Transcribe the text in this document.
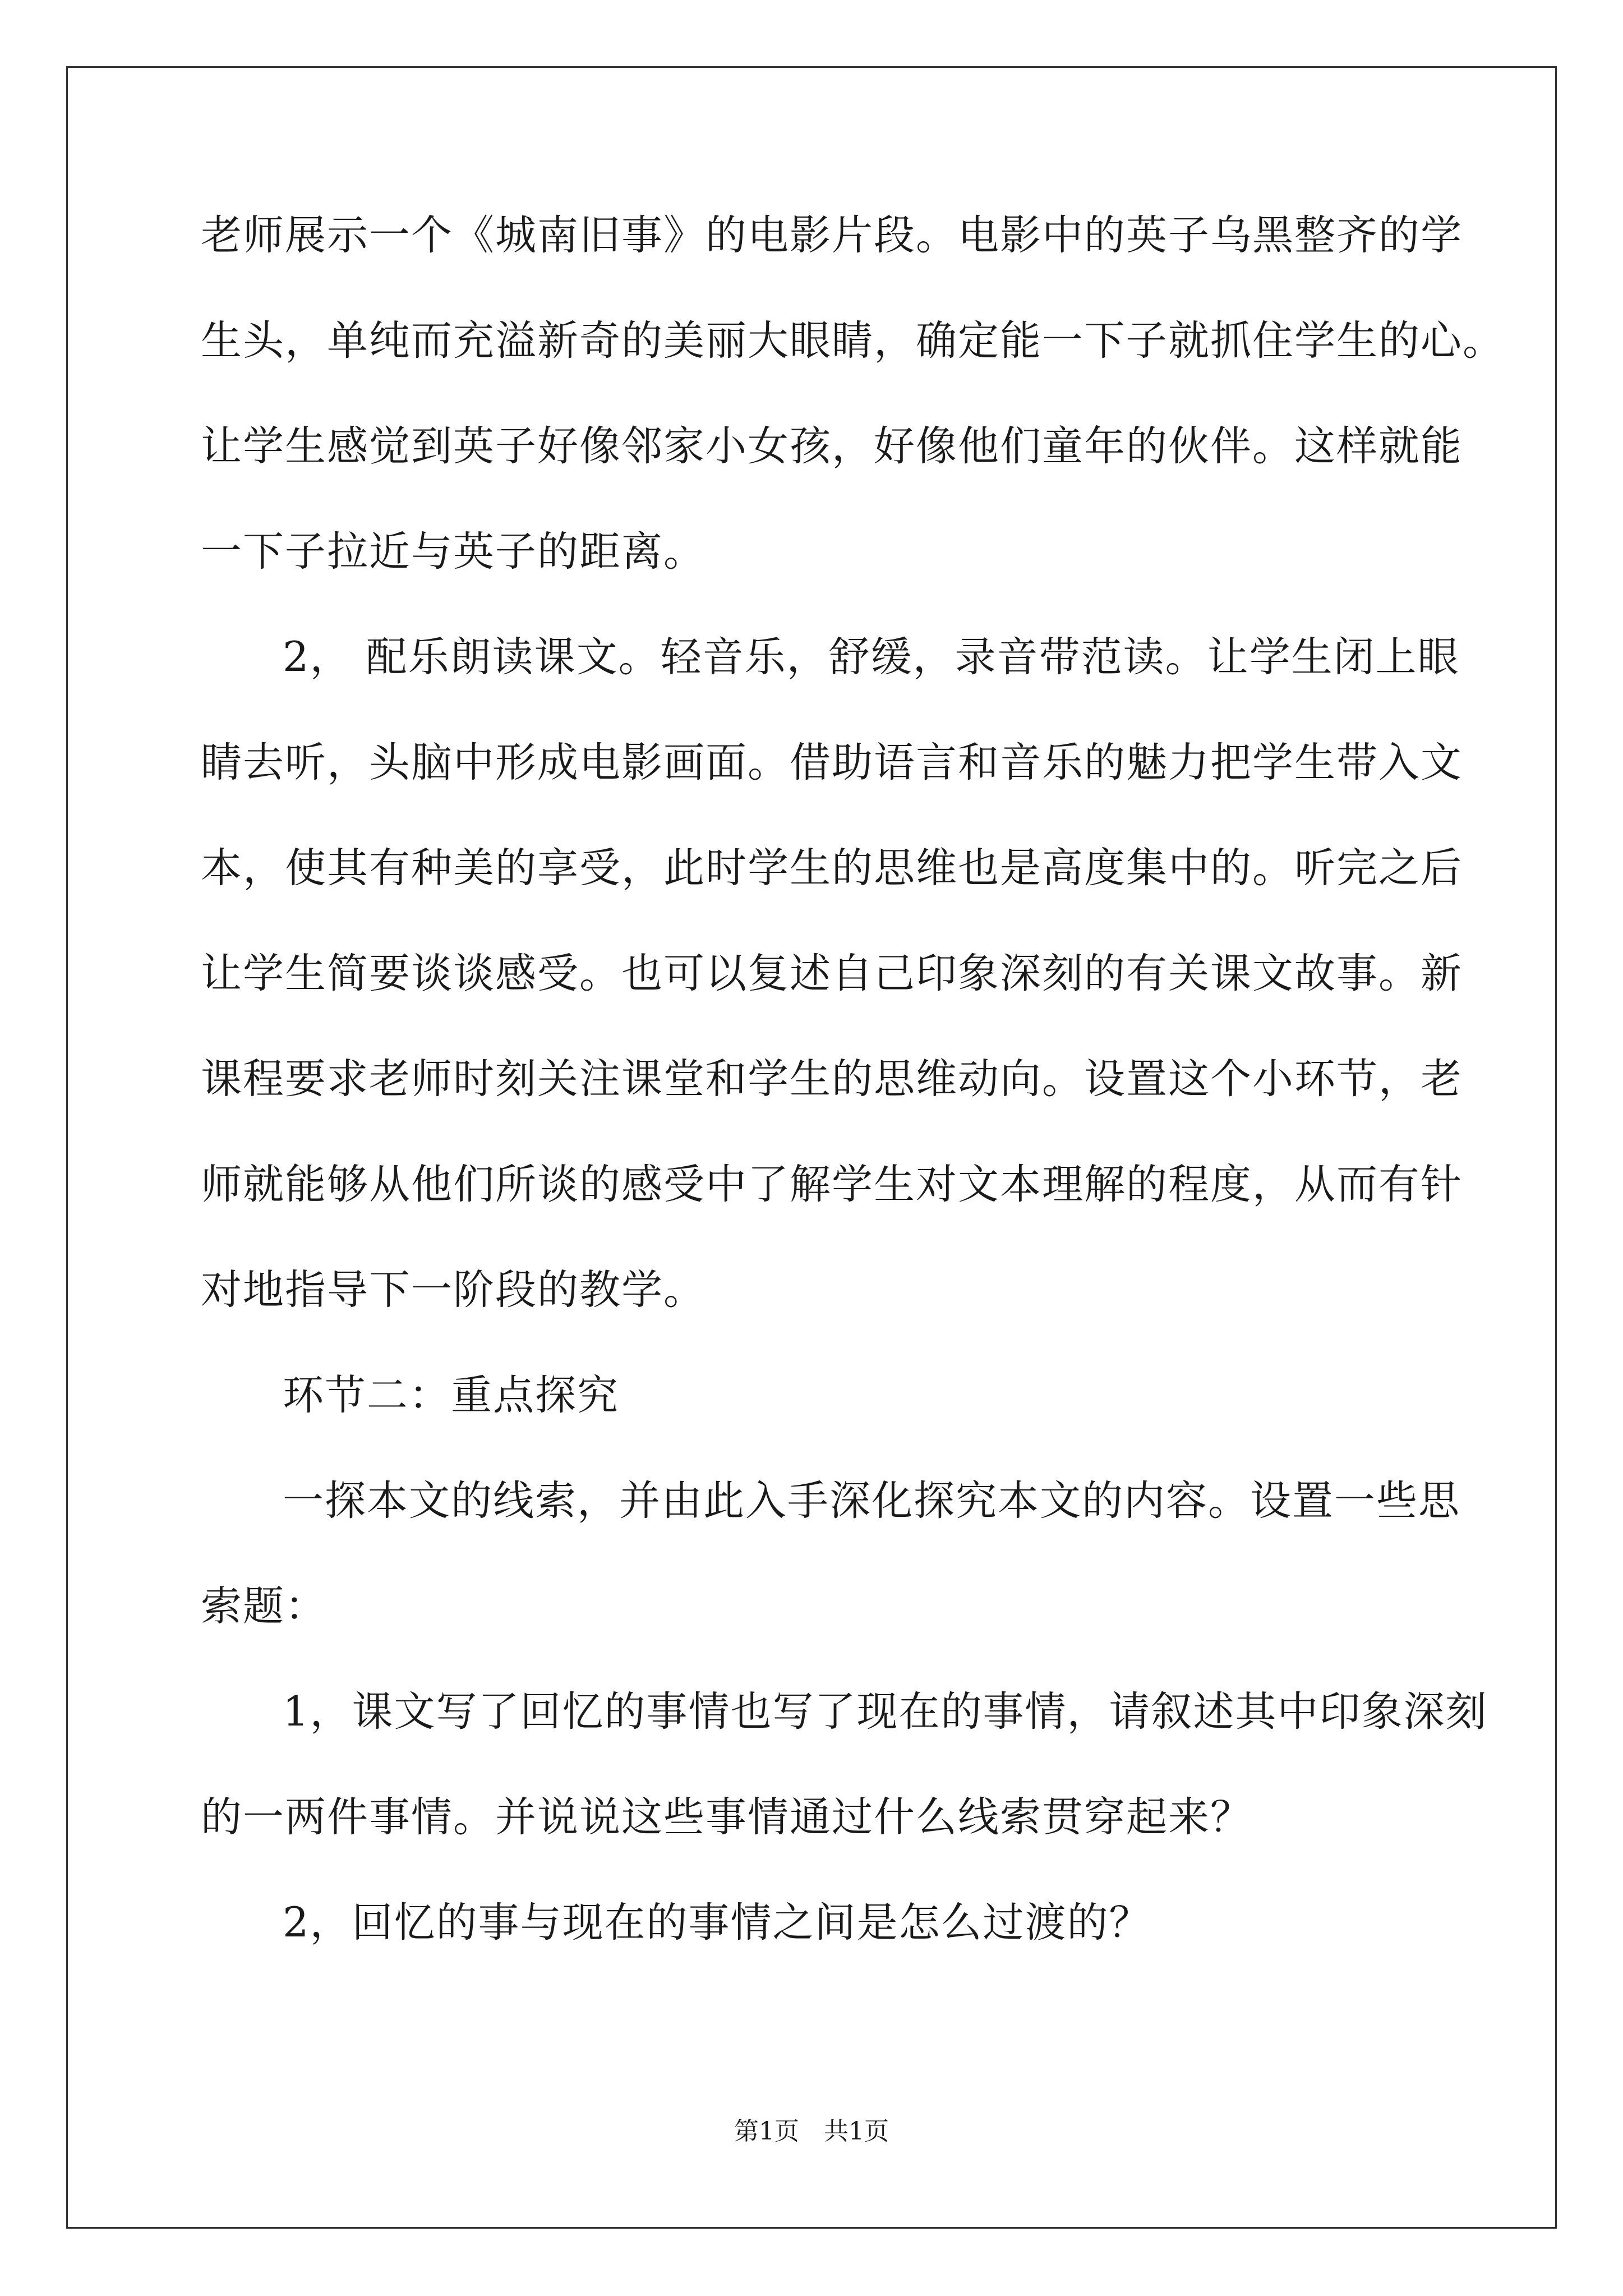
老师展示一个《城南旧事》的电影片段。电影中的英子乌黑整齐的学
生头，单纯而充溢新奇的美丽大眼睛，确定能一下子就抓住学生的心。
让学生感觉到英子好像邻家小女孩，好像他们童年的伙伴。这样就能
一下子拉近与英子的距离。
2， 配乐朗读课文。轻音乐，舒缓，录音带范读。让学生闭上眼
睛去听，头脑中形成电影画面。借助语言和音乐的魅力把学生带入文
本，使其有种美的享受，此时学生的思维也是高度集中的。听完之后
让学生简要谈谈感受。也可以复述自己印象深刻的有关课文故事。新
课程要求老师时刻关注课堂和学生的思维动向。设置这个小环节，老
师就能够从他们所谈的感受中了解学生对文本理解的程度，从而有针
对地指导下一阶段的教学。
环节二：重点探究
一探本文的线索，并由此入手深化探究本文的内容。设置一些思
索题：
1，课文写了回忆的事情也写了现在的事情，请叙述其中印象深刻
的一两件事情。并说说这些事情通过什么线索贯穿起来？
2，回忆的事与现在的事情之间是怎么过渡的？
第1页　共1页
